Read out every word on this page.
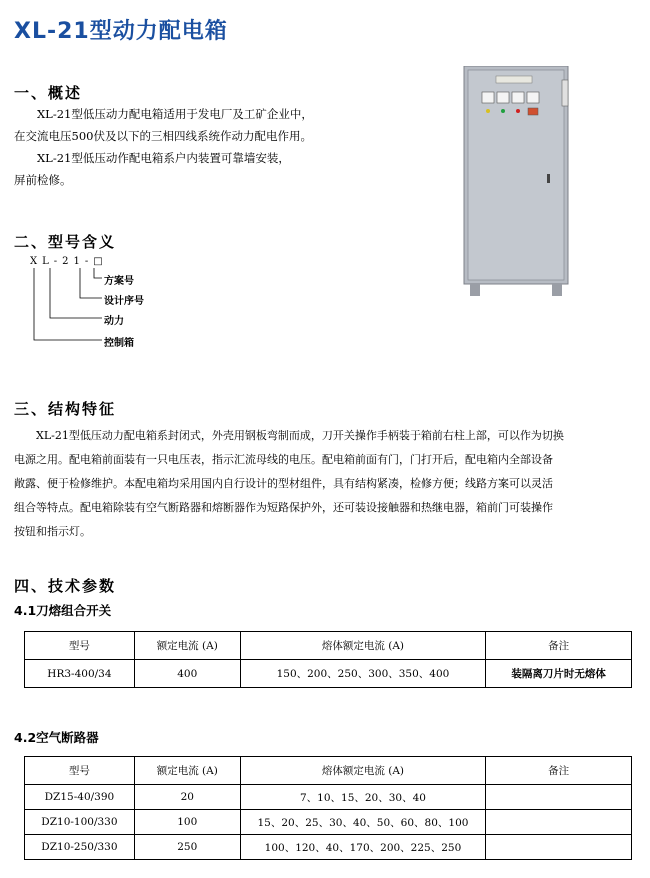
XL-21型动力配电箱
一、概述

XL-21型低压动力配电箱适用于发电厂及工矿企业中，

在交流电压500伏及以下的三相四线系统作动力配电作用。

XL-21型低压动作配电箱系户内装置可靠墙安装，

屏前检修。

二、型号含义
XL-21-□
方案号
设计序号
动力
控制箱
三、结构特征

XL-21型低压动力配电箱系封闭式，外壳用钢板弯制而成，刀开关操作手柄装于箱前右柱上部，可以作为切换

电源之用。配电箱前面装有一只电压表，指示汇流母线的电压。配电箱前面有门，门打开后，配电箱内全部设备

敞露、便于检修维护。本配电箱均采用国内自行设计的型材组件，具有结构紧凑，检修方便；线路方案可以灵活

组合等特点。配电箱除装有空气断路器和熔断器作为短路保护外，还可装设接触器和热继电器，箱前门可装操作

按钮和指示灯。

四、技术参数
4.1刀熔组合开关
型号	额定电流 (A)	熔体额定电流 (A)	备注
HR3-400/34	400	150、200、250、300、350、400	装隔离刀片时无熔体
4.2空气断路器
型号	额定电流 (A)	熔体额定电流 (A)	备注
DZ15-40/390	20	7、10、15、20、30、40	
DZ10-100/330	100	15、20、25、30、40、50、60、80、100	
DZ10-250/330	250	100、120、40、170、200、225、250	
